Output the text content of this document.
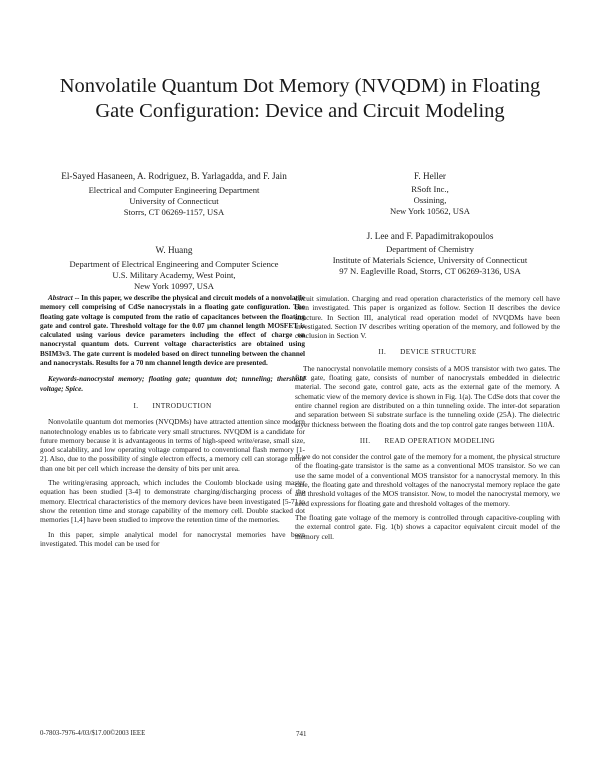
Nonvolatile Quantum Dot Memory (NVQDM) in Floating Gate Configuration: Device and Circuit Modeling

El-Sayed Hasaneen, A. Rodriguez, B. Yarlagadda, and F. Jain

Electrical and Computer Engineering Department

University of Connecticut

Storrs, CT 06269-1157, USA

W. Huang

Department of Electrical Engineering and Computer Science

U.S. Military Academy, West Point,

New York 10997, USA

F. Heller

RSoft Inc.,

Ossining,

New York 10562, USA

J. Lee and F. Papadimitrakopoulos

Department of Chemistry

Institute of Materials Science, University of Connecticut

97 N. Eagleville Road, Storrs, CT 06269-3136, USA

Abstract -- In this paper, we describe the physical and circuit models of a nonvolatile memory cell comprising of CdSe nanocrystals in a floating gate configuration. The floating gate voltage is computed from the ratio of capacitances between the floating gate and control gate. Threshold voltage for the 0.07 μm channel length MOSFET is calculated using various device parameters including the effect of charge on nanocrystal quantum dots. Current voltage characteristics are obtained using BSIM3v3. The gate current is modeled based on direct tunneling between the channel and nanocrystals. Results for a 70 nm channel length device are presented.

Keywords-nanocrystal memory; floating gate; quantum dot; tunneling; thershold voltage; Spice.

I. INTRODUCTION

Nonvolatile quantum dot memories (NVQDMs) have attracted attention since modern nanotechnology enables us to fabricate very small structures. NVQDM is a candidate for future memory because it is advantageous in terms of high-speed write/erase, small size, good scalability, and low operating voltage compared to conventional flash memory [1-2]. Also, due to the possibility of single electron effects, a memory cell can storage more than one bit per cell which increase the density of bits per unit area.

The writing/erasing approach, which includes the Coulomb blockade using master equation has been studied [3-4] to demonstrate charging/discharging process of the memory. Electrical characteristics of the memory devices have been investigated [5-7] to show the retention time and storage capability of the memory cell. Double stacked dot memories [1,4] have been studied to improve the retention time of the memories.

In this paper, simple analytical model for nanocrystal memories have been investigated. This model can be used for

circuit simulation. Charging and read operation characteristics of the memory cell have been investigated. This paper is organized as follow. Section II describes the device structure. In Section III, analytical read operation model of NVQDMs have been investigated. Section IV describes writing operation of the memory, and followed by the conclusion in Section V.

II. DEVICE STRUCTURE

The nanocrystal nonvolatile memory consists of a MOS transistor with two gates. The first gate, floating gate, consists of number of nanocrystals embedded in dielectric material. The second gate, control gate, acts as the external gate of the memory. A schematic view of the memory device is shown in Fig. 1(a). The CdSe dots that cover the entire channel region are distributed on a thin tunneling oxide. The inter-dot separation and separation between Si substrate surface is the tunneling oxide (25Å). The dielectric layer thickness between the floating dots and the top control gate ranges between 110Å.

III. READ OPERATION MODELING

If we do not consider the control gate of the memory for a moment, the physical structure of the floating-gate transistor is the same as a conventional MOS transistor. So we can use the same model of a conventional MOS transistor for a nanocrystal memory. In this case, the floating gate and threshold voltages of the nanocrystal memory replace the gate and threshold voltages of the MOS transistor. Now, to model the nanocrystal memory, we need expressions for floating gate and threshold voltages of the memory.

The floating gate voltage of the memory is controlled through capacitive-coupling with the external control gate. Fig. 1(b) shows a capacitor equivalent circuit model of the memory cell.

0-7803-7976-4/03/$17.00©2003 IEEE	741
